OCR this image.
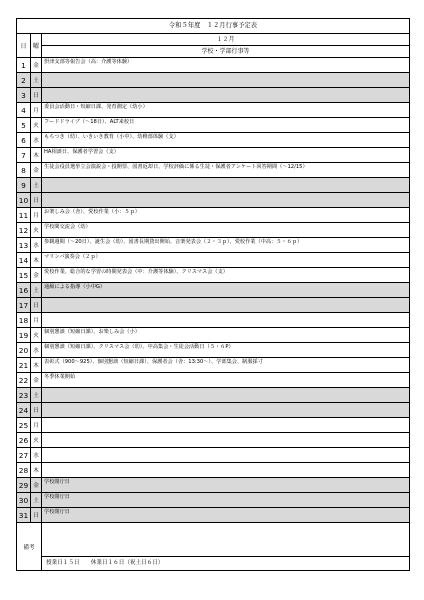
令和５年度　１２月行事予定表
日	曜
１２月
学校・学部行事等
1	金
摂津支部等報告会（高：介護等体験）
2	土
3	日
4	月
委員会活動日・短縮日課、発育測定（幼小）
5	火
フードドライブ（～18日）、ALT来校日
6	水
もちつき（幼）、いきいき教育（小中）、幼稚部体験（支）
7	木
HA相談日、保護者学習会（支）
8	金
生徒会役員選挙立会演説会・投開票、図書返却日、学校評価に係る生徒・保護者アンケート回答期間（～12/15）
9	土
10 日
11 月
お楽しみ会（舎）、愛校作業（小：５ｐ）
12 火
学校間交流会（幼）
13 水
参観週間（～20日）、誕生会（幼）、図書長期貸出開始、音楽発表会（２・３ｐ）、愛校作業（中高：５・６ｐ）
14 木
マリンバ演奏会（２ｐ）
15 金
愛校作業、総合的な学習の時間発表会（中：介護等体験）、クリスマス会（支）
16 土
通級による指導（小中G）
17 日
18 月
19 火
個別懇談（短縮日課）、お楽しみ会（小）
20 水
個別懇談（短縮日課）、クリスマス会（幼）、中高集会・生徒会活動日（５・６P）
21 木
表彰式（900～925）、個別懇談（短縮日課）、保護者会（舎：13:30～）、学部集会、制服採寸
22 金
冬季休業開始
23 土
24 日
25 月
26 火
27 水
28 木
29 金
学校閉庁日
30 土
学校閉庁日
31 日
学校閉庁日
備考
授業日１５日　　休業日１６日（祝土日６日）
